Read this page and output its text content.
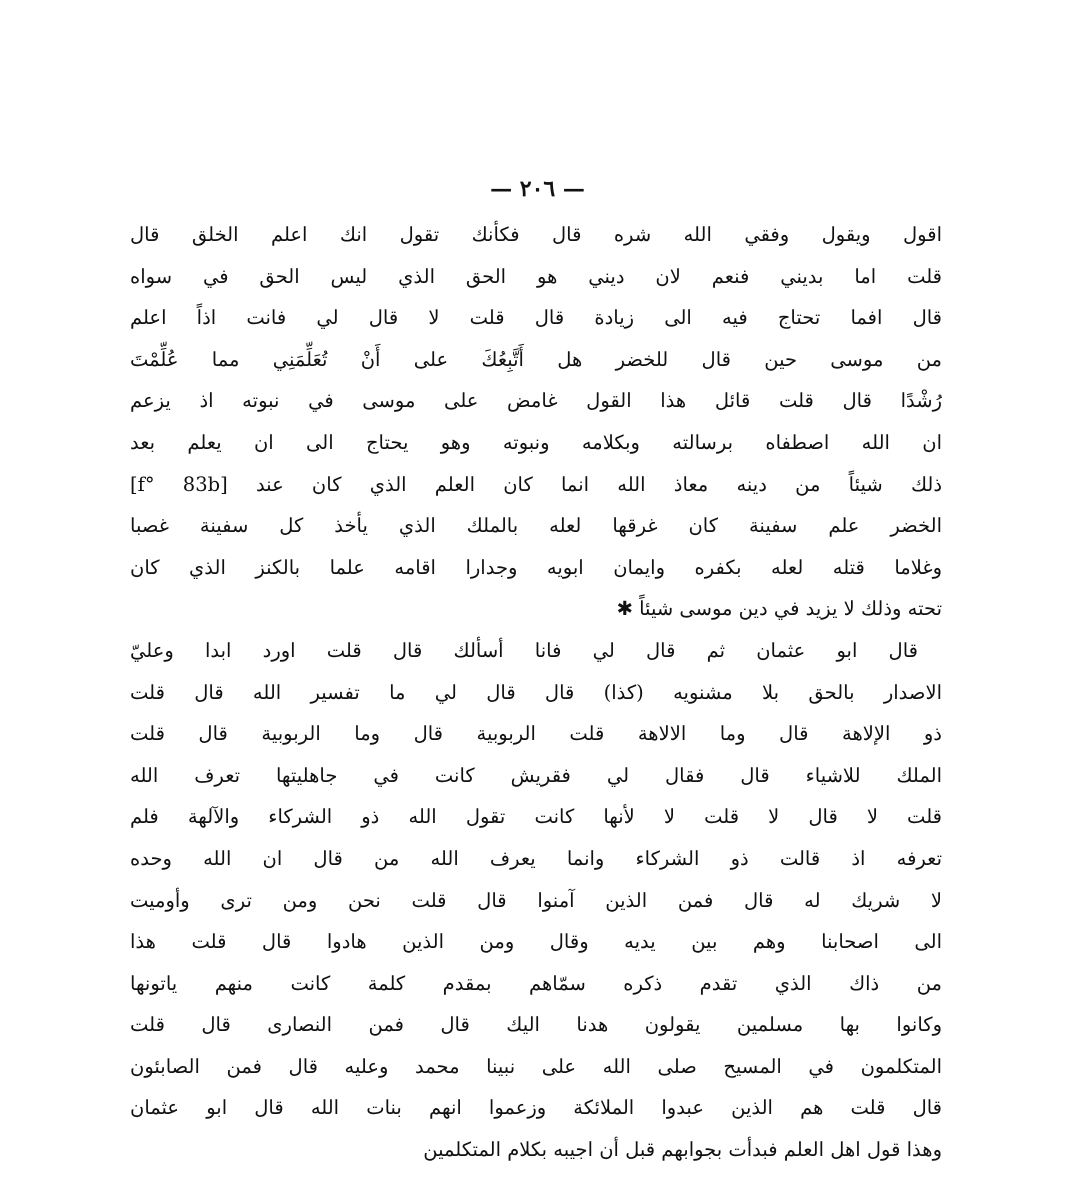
— ٢٠٦ —
اقول ويقول وفقي الله شره قال فكأنك تقول انك اعلم الخلق قال
قلت اما بديني فنعم لان ديني هو الحق الذي ليس الحق في سواه
قال افما تحتاج فيه الى زيادة قال قلت لا قال لي فانت اذاً اعلم
من موسى حين قال للخضر هل أَتَّبِعُكَ على أَنْ تُعَلِّمَنِي مما عُلِّمْتَ
رُشْدًا قال قلت قائل هذا القول غامض على موسى في نبوته اذ يزعم
ان الله اصطفاه برسالته وبكلامه ونبوته وهو يحتاج الى ان يعلم بعد
ذلك شيئاً من دينه معاذ الله انما كان العلم الذي كان عند [f° 83b]
الخضر علم سفينة كان غرقها لعله بالملك الذي يأخذ كل سفينة غصبا
وغلاما قتله لعله بكفره وايمان ابويه وجدارا اقامه علما بالكنز الذي كان
تحته وذلك لا يزيد في دين موسى شيئاً ✱
قال ابو عثمان ثم قال لي فانا أسألك قال قلت اورد ابدا وعليّ
الاصدار بالحق بلا مشنويه (كذا) قال قال لي ما تفسير الله قال قلت
ذو الإلاهة قال وما الالاهة قلت الربوبية قال وما الربوبية قال قلت
الملك للاشياء قال فقال لي فقريش كانت في جاهليتها تعرف الله
قلت لا قال لا قلت لا لأنها كانت تقول الله ذو الشركاء والآلهة فلم
تعرفه اذ قالت ذو الشركاء وانما يعرف الله من قال ان الله وحده
لا شريك له قال فمن الذين آمنوا قال قلت نحن ومن ترى وأوميت
الى اصحابنا وهم بين يديه وقال ومن الذين هادوا قال قلت هذا
من ذاك الذي تقدم ذكره سمّاهم بمقدم كلمة كانت منهم ياتونها
وكانوا بها مسلمين يقولون هدنا اليك قال فمن النصارى قال قلت
المتكلمون في المسيح صلى الله على نبينا محمد وعليه قال فمن الصابئون
قال قلت هم الذين عبدوا الملائكة وزعموا انهم بنات الله قال ابو عثمان
وهذا قول اهل العلم فبدأت بجوابهم قبل أن اجيبه بكلام المتكلمين
